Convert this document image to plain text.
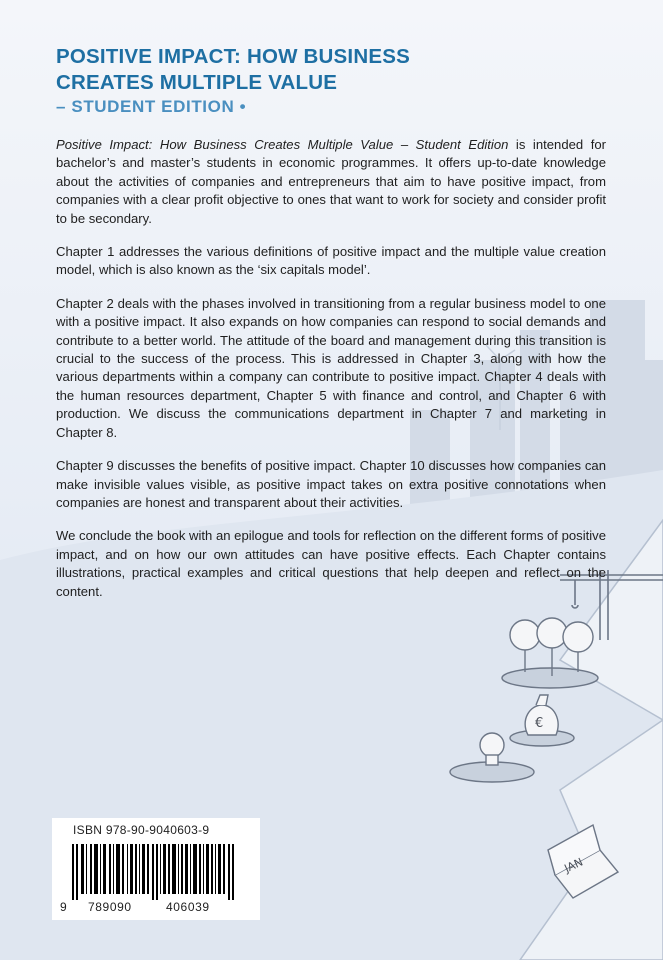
€
JAN
POSITIVE IMPACT: HOW BUSINESS
CREATES MULTIPLE VALUE
– STUDENT EDITION •

Positive Impact: How Business Creates Multiple Value – Student Edition is intended for bachelor’s and master’s students in economic programmes. It offers up-to-date knowledge about the activities of companies and entrepreneurs that aim to have positive impact, from companies with a clear profit objective to ones that want to work for society and consider profit to be secondary.

Chapter 1 addresses the various definitions of positive impact and the multiple value creation model, which is also known as the ‘six capitals model’.

Chapter 2 deals with the phases involved in transitioning from a regular business model to one with a positive impact. It also expands on how companies can respond to social demands and contribute to a better world. The attitude of the board and management during this transition is crucial to the success of the process. This is addressed in Chapter 3, along with how the various departments within a company can contribute to positive impact. Chapter 4 deals with the human resources department, Chapter 5 with finance and control, and Chapter 6 with production. We discuss the communications department in Chapter 7 and marketing in Chapter 8.

Chapter 9 discusses the benefits of positive impact. Chapter 10 discusses how companies can make invisible values visible, as positive impact takes on extra positive connotations when companies are honest and transparent about their activities.

We conclude the book with an epilogue and tools for reflection on the different forms of positive impact, and on how our own attitudes can have positive effects. Each Chapter contains illustrations, practical examples and critical questions that help deepen and reflect on the content.

ISBN 978-90-9040603-9
9 789090	406039
